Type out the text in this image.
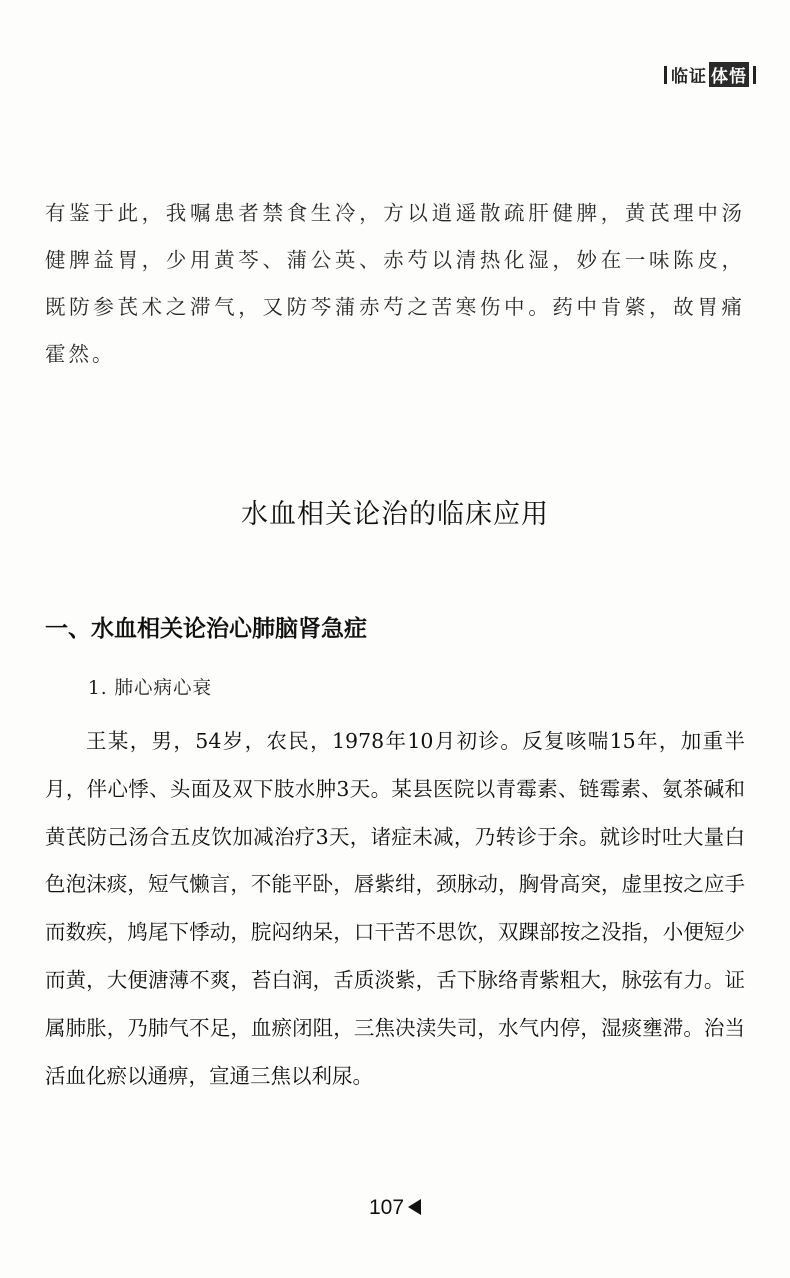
临证 体悟

有鉴于此，我嘱患者禁食生冷，方以逍遥散疏肝健脾，黄芪理中汤健脾益胃，少用黄芩、蒲公英、赤芍以清热化湿，妙在一味陈皮，既防参芪术之滞气，又防芩蒲赤芍之苦寒伤中。药中肯綮，故胃痛霍然。

水血相关论治的临床应用
一、水血相关论治心肺脑肾急症
1. 肺心病心衰

王某，男，54岁，农民，1978年10月初诊。反复咳喘15年，加重半月，伴心悸、头面及双下肢水肿3天。某县医院以青霉素、链霉素、氨茶碱和黄芪防己汤合五皮饮加减治疗3天，诸症未减，乃转诊于余。就诊时吐大量白色泡沫痰，短气懒言，不能平卧，唇紫绀，颈脉动，胸骨高突，虚里按之应手而数疾，鸠尾下悸动，脘闷纳呆，口干苦不思饮，双踝部按之没指，小便短少而黄，大便溏薄不爽，苔白润，舌质淡紫，舌下脉络青紫粗大，脉弦有力。证属肺胀，乃肺气不足，血瘀闭阻，三焦决渎失司，水气内停，湿痰壅滞。治当活血化瘀以通痹，宣通三焦以利尿。

107
